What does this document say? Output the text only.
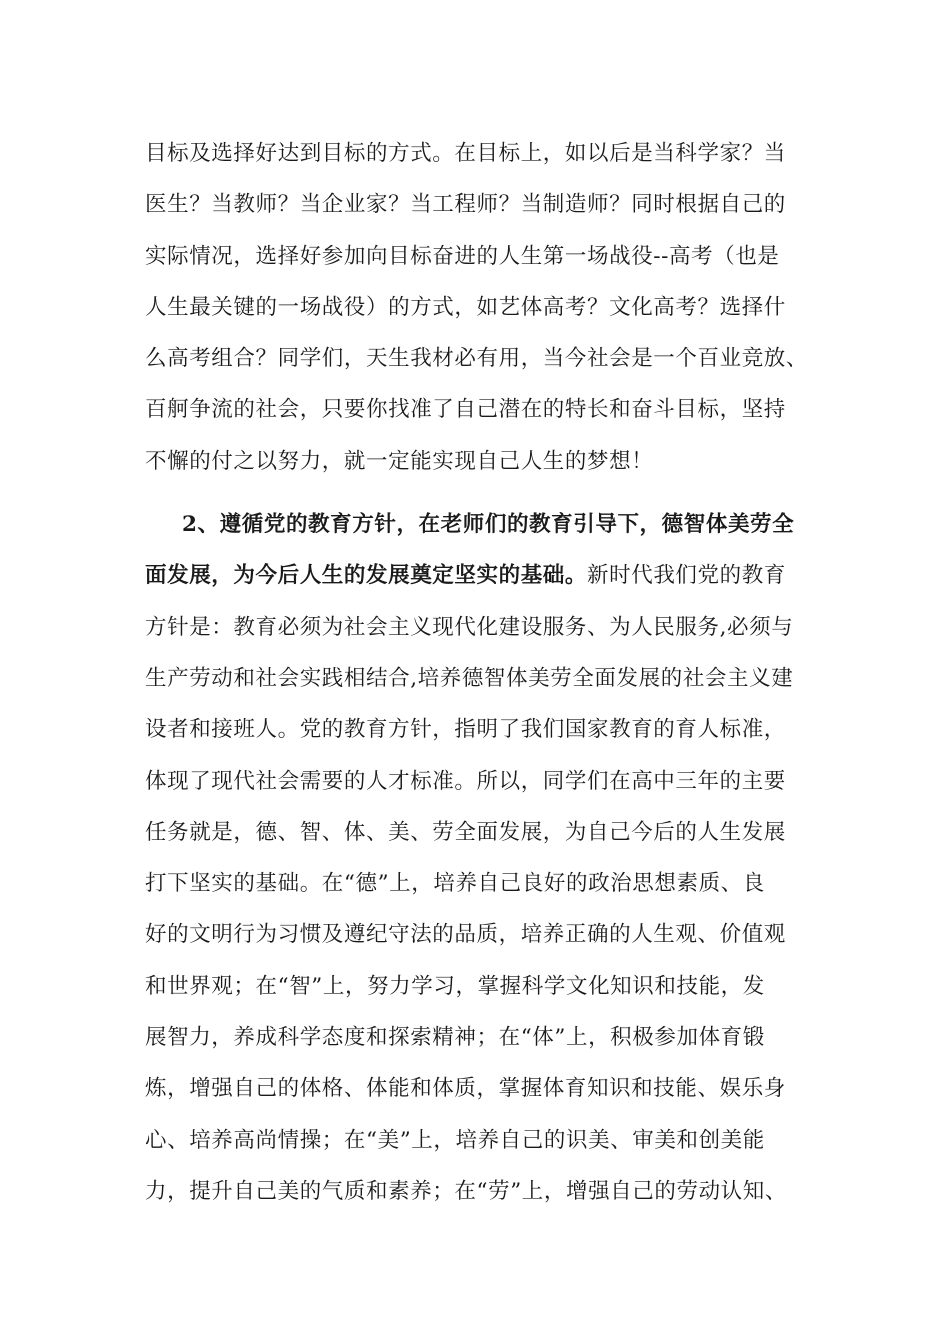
目标及选择好达到目标的方式。在目标上，如以后是当科学家？当
医生？当教师？当企业家？当工程师？当制造师？同时根据自己的
实际情况，选择好参加向目标奋进的人生第一场战役--高考（也是
人生最关键的一场战役）的方式，如艺体高考？文化高考？选择什
么高考组合？同学们，天生我材必有用，当今社会是一个百业竞放、
百舸争流的社会，只要你找准了自己潜在的特长和奋斗目标，坚持
不懈的付之以努力，就一定能实现自己人生的梦想！
2、遵循党的教育方针，在老师们的教育引导下，德智体美劳全
面发展，为今后人生的发展奠定坚实的基础。新时代我们党的教育
方针是：教育必须为社会主义现代化建设服务、为人民服务,必须与
生产劳动和社会实践相结合,培养德智体美劳全面发展的社会主义建
设者和接班人。党的教育方针，指明了我们国家教育的育人标准，
体现了现代社会需要的人才标准。所以，同学们在高中三年的主要
任务就是，德、智、体、美、劳全面发展，为自己今后的人生发展
打下坚实的基础。在“德”上，培养自己良好的政治思想素质、良
好的文明行为习惯及遵纪守法的品质，培养正确的人生观、价值观
和世界观；在“智”上，努力学习，掌握科学文化知识和技能，发
展智力，养成科学态度和探索精神；在“体”上，积极参加体育锻
炼，增强自己的体格、体能和体质，掌握体育知识和技能、娱乐身
心、培养高尚情操；在“美”上，培养自己的识美、审美和创美能
力，提升自己美的气质和素养；在“劳”上，增强自己的劳动认知、
